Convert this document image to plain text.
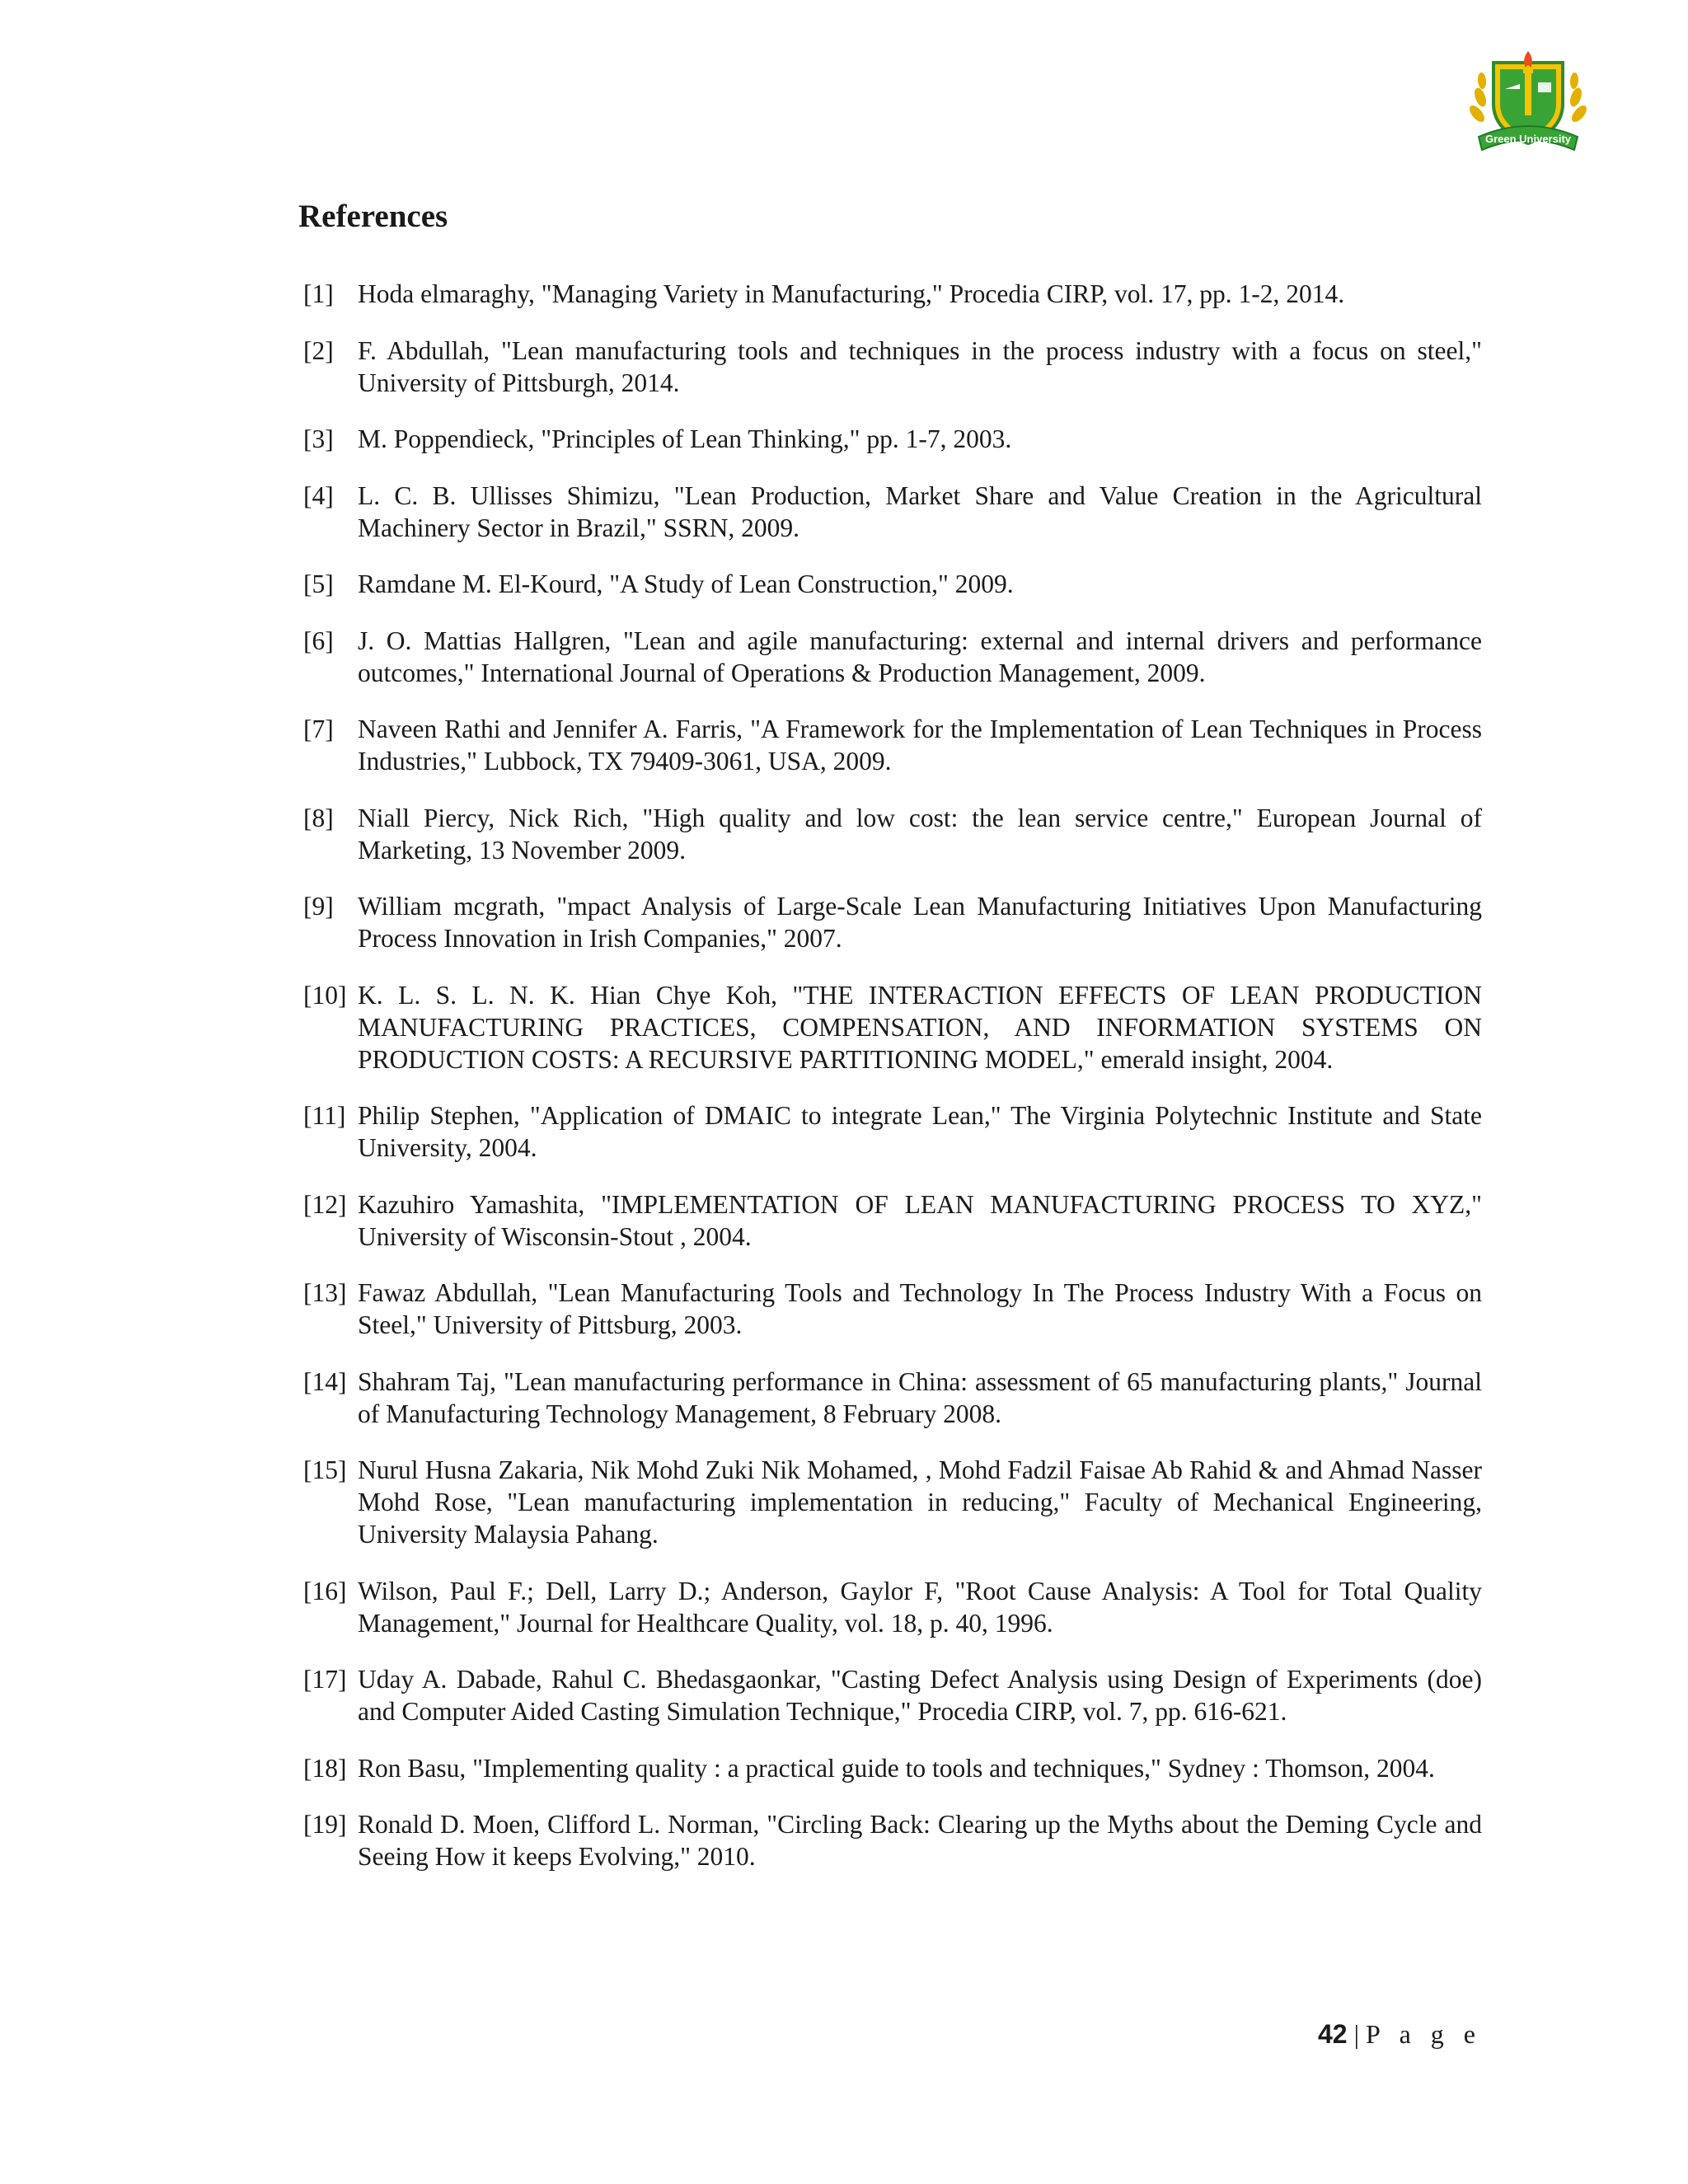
Green University
References
[1] Hoda elmaraghy, "Managing Variety in Manufacturing," Procedia CIRP, vol. 17, pp. 1-2, 2014.
[2] F. Abdullah, "Lean manufacturing tools and techniques in the process industry with a focus on steel," University of Pittsburgh, 2014.
[3] M. Poppendieck, "Principles of Lean Thinking," pp. 1-7, 2003.
[4] L. C. B. Ullisses Shimizu, "Lean Production, Market Share and Value Creation in the Agricultural Machinery Sector in Brazil," SSRN, 2009.
[5] Ramdane M. El-Kourd, "A Study of Lean Construction," 2009.
[6] J. O. Mattias Hallgren, "Lean and agile manufacturing: external and internal drivers and performance outcomes," International Journal of Operations & Production Management, 2009.
[7] Naveen Rathi and Jennifer A. Farris, "A Framework for the Implementation of Lean Techniques in Process Industries," Lubbock, TX 79409-3061, USA, 2009.
[8] Niall Piercy, Nick Rich, "High quality and low cost: the lean service centre," European Journal of Marketing, 13 November 2009.
[9] William mcgrath, "mpact Analysis of Large-Scale Lean Manufacturing Initiatives Upon Manufacturing Process Innovation in Irish Companies," 2007.
[10] K. L. S. L. N. K. Hian Chye Koh, "THE INTERACTION EFFECTS OF LEAN PRODUCTION MANUFACTURING PRACTICES, COMPENSATION, AND INFORMATION SYSTEMS ON PRODUCTION COSTS: A RECURSIVE PARTITIONING MODEL," emerald insight, 2004.
[11] Philip Stephen, "Application of DMAIC to integrate Lean," The Virginia Polytechnic Institute and State University, 2004.
[12] Kazuhiro Yamashita, "IMPLEMENTATION OF LEAN MANUFACTURING PROCESS TO XYZ," University of Wisconsin-Stout , 2004.
[13] Fawaz Abdullah, "Lean Manufacturing Tools and Technology In The Process Industry With a Focus on Steel," University of Pittsburg, 2003.
[14] Shahram Taj, "Lean manufacturing performance in China: assessment of 65 manufacturing plants," Journal of Manufacturing Technology Management, 8 February 2008.
[15] Nurul Husna Zakaria, Nik Mohd Zuki Nik Mohamed, , Mohd Fadzil Faisae Ab Rahid & and Ahmad Nasser Mohd Rose, "Lean manufacturing implementation in reducing," Faculty of Mechanical Engineering, University Malaysia Pahang.
[16] Wilson, Paul F.; Dell, Larry D.; Anderson, Gaylor F, "Root Cause Analysis: A Tool for Total Quality Management," Journal for Healthcare Quality, vol. 18, p. 40, 1996.
[17] Uday A. Dabade, Rahul C. Bhedasgaonkar, "Casting Defect Analysis using Design of Experiments (doe) and Computer Aided Casting Simulation Technique," Procedia CIRP, vol. 7, pp. 616-621.
[18] Ron Basu, "Implementing quality : a practical guide to tools and techniques," Sydney : Thomson, 2004.
[19] Ronald D. Moen, Clifford L. Norman, "Circling Back: Clearing up the Myths about the Deming Cycle and Seeing How it keeps Evolving," 2010.
42 | P a g e
